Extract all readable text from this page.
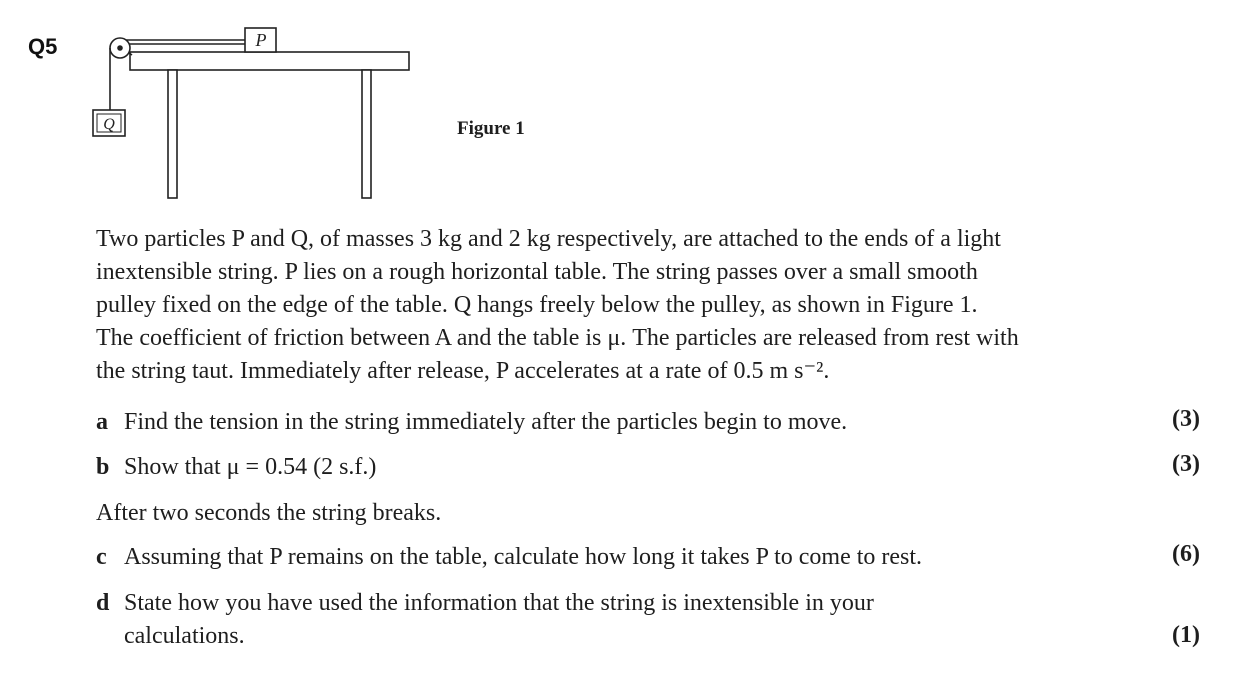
Q5	P
Q	Figure 1
Two particles P and Q, of masses 3 kg and 2 kg respectively, are attached to the ends of a light
inextensible string. P lies on a rough horizontal table. The string passes over a small smooth
pulley fixed on the edge of the table. Q hangs freely below the pulley, as shown in Figure 1.
The coefficient of friction between A and the table is μ. The particles are released from rest with
the string taut. Immediately after release, P accelerates at a rate of 0.5 m s⁻².
a Find the tension in the string immediately after the particles begin to move.	(3)
b Show that μ = 0.54 (2 s.f.)	(3)
After two seconds the string breaks.
c Assuming that P remains on the table, calculate how long it takes P to come to rest.	(6)
d State how you have used the information that the string is inextensible in your
calculations.	(1)
